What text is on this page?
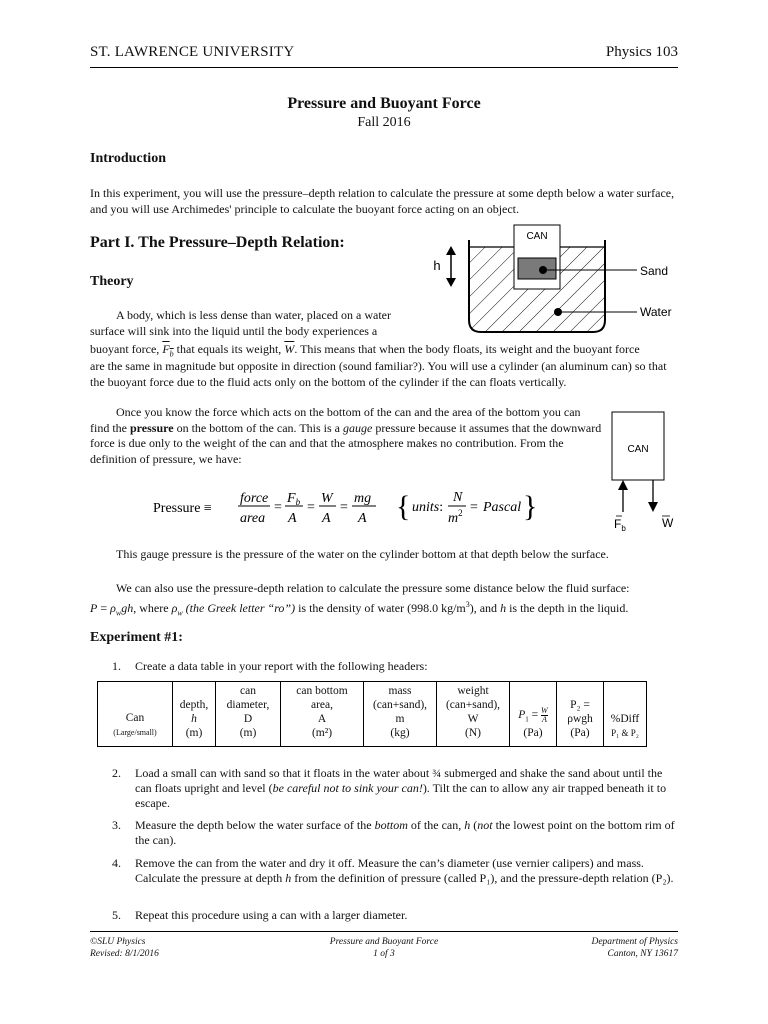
ST. LAWRENCE UNIVERSITY	Physics 103
Pressure and Buoyant Force
Fall 2016
Introduction
In this experiment, you will use the pressure–depth relation to calculate the pressure at some depth below a water surface, and you will use Archimedes' principle to calculate the buoyant force acting on an object.
Part I. The Pressure–Depth Relation:
Theory
CAN
h	Sand
Water
A body, which is less dense than water, placed on a water
surface will sink into the liquid until the body experiences a
buoyant force, $F_b$ that equals its weight, $\overline{W}$. This means that when the body floats, its weight and the buoyant force
are the same in magnitude but opposite in direction (sound familiar?). You will use a cylinder (an aluminum can) so that the buoyant force due to the fluid acts only on the bottom of the cylinder if the can floats vertically.
Once you know the force which acts on the bottom of the can and the area of the bottom you can find the pressure on the bottom of the can. This is a gauge pressure because it assumes that the downward force is due only to the weight of the can and that the atmosphere makes no contribution. From the definition of pressure, we have:
CAN
$F_b$	W
Pressure ≡
force
area
=
$F_b$
A
=
W
A
=
mg
A { units:
N
$m^2$ = Pascal }
This gauge pressure is the pressure of the water on the cylinder bottom at that depth below the surface.
We can also use the pressure-depth relation to calculate the pressure some distance below the fluid surface:
$P = \rho_wgh$, where $\rho_w$ (the Greek letter “ro”) is the density of water (998.0 $kg/m^3$), and h is the depth in the liquid.
Experiment #1:
1. Create a data table in your report with the following headers:
Can
(Large/small)	depth,
h
(m)	can
diameter,
D
(m)	can bottom
area,
A
(m²)	mass
(can+sand),
m
(kg)	weight
(can+sand),
W
(N)	$P_1 = \frac{W}{A}$

(Pa)	P₂ =
ρwgh
(Pa)	%Diff
P₁ & P₂
2. Load a small can with sand so that it floats in the water about ¾ submerged and shake the sand about until the can floats upright and level (be careful not to sink your can!). Tilt the can to allow any air trapped beneath it to escape.
3. Measure the depth below the water surface of the bottom of the can, h (not the lowest point on the bottom rim of the can).
4. Remove the can from the water and dry it off. Measure the can’s diameter (use vernier calipers) and mass. Calculate the pressure at depth h from the definition of pressure (called P₁), and the pressure-depth relation (P₂).
5. Repeat this procedure using a can with a larger diameter.
©SLU Physics
Revised: 8/1/2016
Pressure and Buoyant Force
1 of 3
Department of Physics
Canton, NY 13617
